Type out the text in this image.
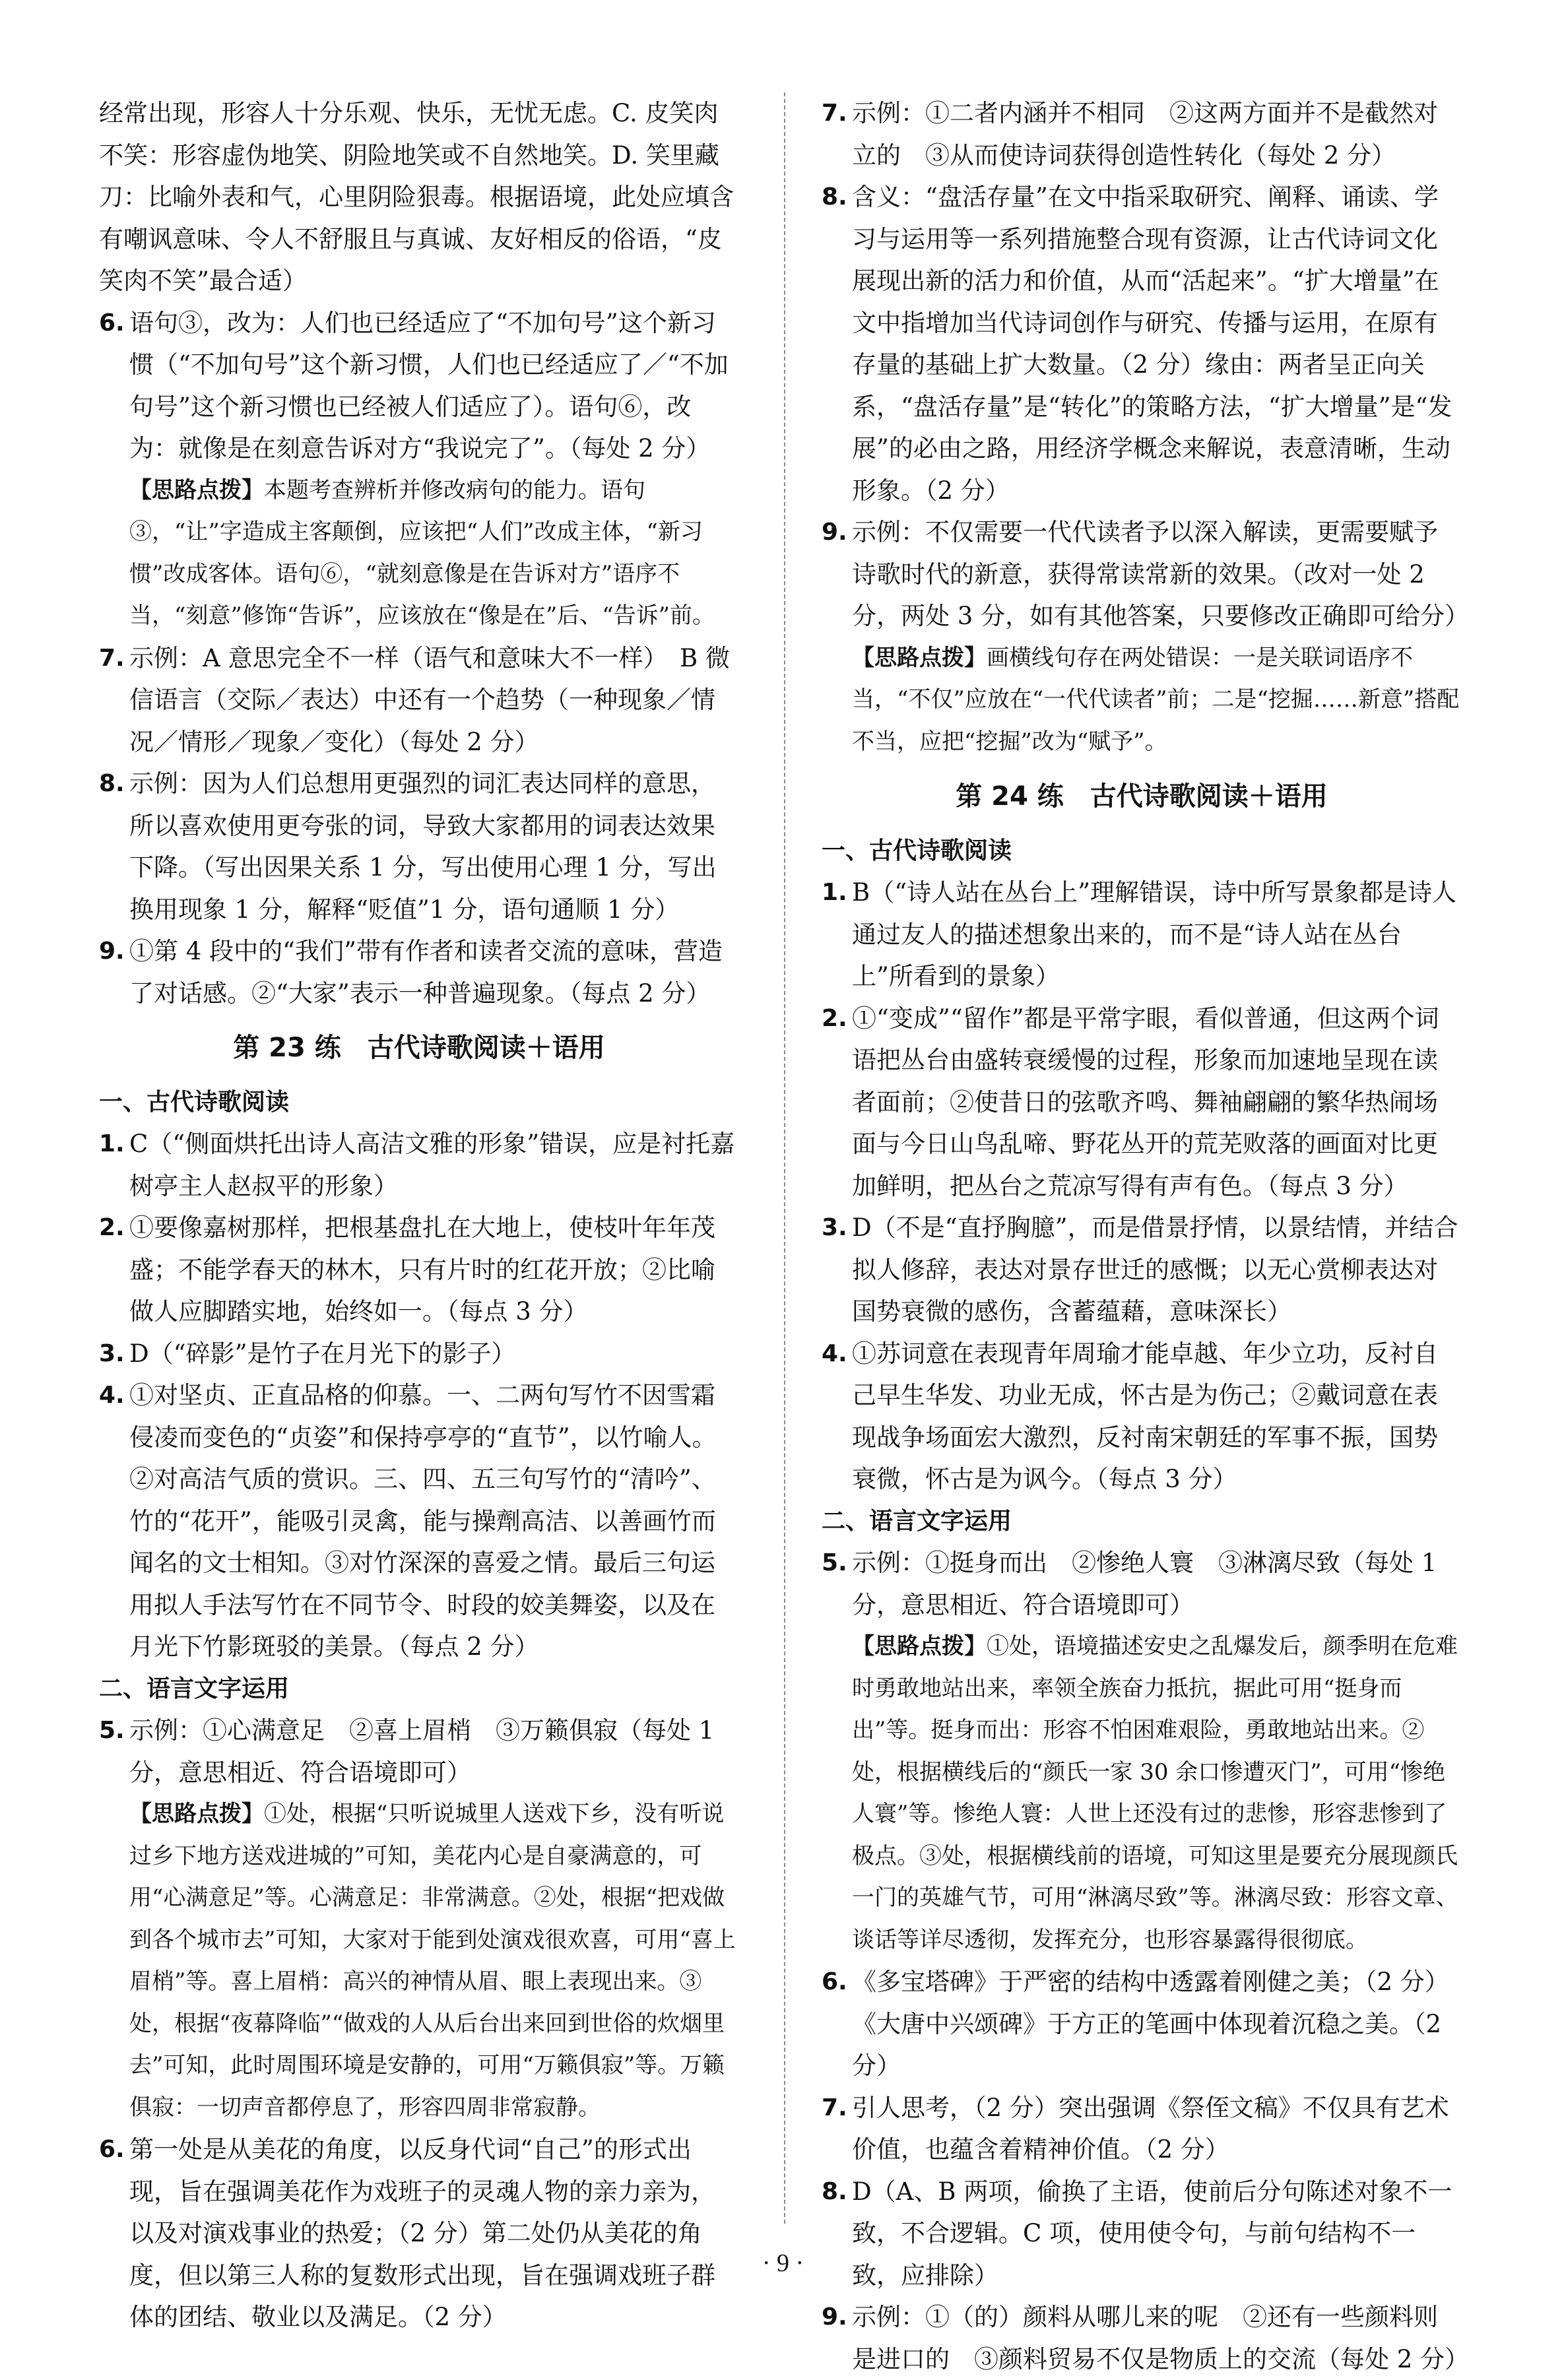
经常出现，形容人十分乐观、快乐，无忧无虑。C. 皮笑肉不笑：形容虚伪地笑、阴险地笑或不自然地笑。D. 笑里藏刀：比喻外表和气，心里阴险狠毒。根据语境，此处应填含有嘲讽意味、令人不舒服且与真诚、友好相反的俗语，“皮笑肉不笑”最合适）
6. 语句③，改为：人们也已经适应了“不加句号”这个新习惯（“不加句号”这个新习惯，人们也已经适应了／“不加句号”这个新习惯也已经被人们适应了）。语句⑥，改为：就像是在刻意告诉对方“我说完了”。（每处 2 分）
【思路点拨】本题考查辨析并修改病句的能力。语句③，“让”字造成主客颠倒，应该把“人们”改成主体，“新习惯”改成客体。语句⑥，“就刻意像是在告诉对方”语序不当，“刻意”修饰“告诉”，应该放在“像是在”后、“告诉”前。
7. 示例：A 意思完全不一样（语气和意味大不一样）　B 微信语言（交际／表达）中还有一个趋势（一种现象／情况／情形／现象／变化）（每处 2 分）
8. 示例：因为人们总想用更强烈的词汇表达同样的意思，所以喜欢使用更夸张的词，导致大家都用的词表达效果下降。（写出因果关系 1 分，写出使用心理 1 分，写出换用现象 1 分，解释“贬值”1 分，语句通顺 1 分）
9. ①第 4 段中的“我们”带有作者和读者交流的意味，营造了对话感。②“大家”表示一种普遍现象。（每点 2 分）
第 23 练　古代诗歌阅读＋语用
一、古代诗歌阅读
1. C（“侧面烘托出诗人高洁文雅的形象”错误，应是衬托嘉树亭主人赵叔平的形象）
2. ①要像嘉树那样，把根基盘扎在大地上，使枝叶年年茂盛；不能学春天的林木，只有片时的红花开放；②比喻做人应脚踏实地，始终如一。（每点 3 分）
3. D（“碎影”是竹子在月光下的影子）
4. ①对坚贞、正直品格的仰慕。一、二两句写竹不因雪霜侵凌而变色的“贞姿”和保持亭亭的“直节”，以竹喻人。②对高洁气质的赏识。三、四、五三句写竹的“清吟”、竹的“花开”，能吸引灵禽，能与操劑高洁、以善画竹而闻名的文士相知。③对竹深深的喜爱之情。最后三句运用拟人手法写竹在不同节令、时段的姣美舞姿，以及在月光下竹影斑驳的美景。（每点 2 分）
二、语言文字运用
5. 示例：①心满意足　②喜上眉梢　③万籁俱寂（每处 1 分，意思相近、符合语境即可）
【思路点拨】①处，根据“只听说城里人送戏下乡，没有听说过乡下地方送戏进城的”可知，美花内心是自豪满意的，可用“心满意足”等。心满意足：非常满意。②处，根据“把戏做到各个城市去”可知，大家对于能到处演戏很欢喜，可用“喜上眉梢”等。喜上眉梢：高兴的神情从眉、眼上表现出来。③处，根据“夜幕降临”“做戏的人从后台出来回到世俗的炊烟里去”可知，此时周围环境是安静的，可用“万籁俱寂”等。万籁俱寂：一切声音都停息了，形容四周非常寂静。
6. 第一处是从美花的角度，以反身代词“自己”的形式出现，旨在强调美花作为戏班子的灵魂人物的亲力亲为，以及对演戏事业的热爱；（2 分）第二处仍从美花的角度，但以第三人称的复数形式出现，旨在强调戏班子群体的团结、敬业以及满足。（2 分）
7. 示例：①二者内涵并不相同　②这两方面并不是截然对立的　③从而使诗词获得创造性转化（每处 2 分）
8. 含义：“盘活存量”在文中指采取研究、阐释、诵读、学习与运用等一系列措施整合现有资源，让古代诗词文化展现出新的活力和价值，从而“活起来”。“扩大增量”在文中指增加当代诗词创作与研究、传播与运用，在原有存量的基础上扩大数量。（2 分）缘由：两者呈正向关系，“盘活存量”是“转化”的策略方法，“扩大增量”是“发展”的必由之路，用经济学概念来解说，表意清晰，生动形象。（2 分）
9. 示例：不仅需要一代代读者予以深入解读，更需要赋予诗歌时代的新意，获得常读常新的效果。（改对一处 2 分，两处 3 分，如有其他答案，只要修改正确即可给分）
【思路点拨】画横线句存在两处错误：一是关联词语序不当，“不仅”应放在“一代代读者”前；二是“挖掘……新意”搭配不当，应把“挖掘”改为“赋予”。
第 24 练　古代诗歌阅读＋语用
一、古代诗歌阅读
1. B（“诗人站在丛台上”理解错误，诗中所写景象都是诗人通过友人的描述想象出来的，而不是“诗人站在丛台上”所看到的景象）
2. ①“变成”“留作”都是平常字眼，看似普通，但这两个词语把丛台由盛转衰缓慢的过程，形象而加速地呈现在读者面前；②使昔日的弦歌齐鸣、舞袖翩翩的繁华热闹场面与今日山鸟乱啼、野花丛开的荒芜败落的画面对比更加鲜明，把丛台之荒凉写得有声有色。（每点 3 分）
3. D（不是“直抒胸臆”，而是借景抒情，以景结情，并结合拟人修辞，表达对景存世迁的感慨；以无心赏柳表达对国势衰微的感伤，含蓄蕴藉，意味深长）
4. ①苏词意在表现青年周瑜才能卓越、年少立功，反衬自己早生华发、功业无成，怀古是为伤己；②戴词意在表现战争场面宏大激烈，反衬南宋朝廷的军事不振，国势衰微，怀古是为讽今。（每点 3 分）
二、语言文字运用
5. 示例：①挺身而出　②惨绝人寰　③淋漓尽致（每处 1 分，意思相近、符合语境即可）
【思路点拨】①处，语境描述安史之乱爆发后，颜季明在危难时勇敢地站出来，率领全族奋力抵抗，据此可用“挺身而出”等。挺身而出：形容不怕困难艰险，勇敢地站出来。②处，根据横线后的“颜氏一家 30 余口惨遭灭门”，可用“惨绝人寰”等。惨绝人寰：人世上还没有过的悲惨，形容悲惨到了极点。③处，根据横线前的语境，可知这里是要充分展现颜氏一门的英雄气节，可用“淋漓尽致”等。淋漓尽致：形容文章、谈话等详尽透彻，发挥充分，也形容暴露得很彻底。
6. 《多宝塔碑》于严密的结构中透露着刚健之美；（2 分）《大唐中兴颂碑》于方正的笔画中体现着沉稳之美。（2 分）
7. 引人思考，（2 分）突出强调《祭侄文稿》不仅具有艺术价值，也蕴含着精神价值。（2 分）
8. D（A、B 两项，偷换了主语，使前后分句陈述对象不一致，不合逻辑。C 项，使用使令句，与前句结构不一致，应排除）
9. 示例：①（的）颜料从哪儿来的呢　②还有一些颜料则是进口的　③颜料贸易不仅是物质上的交流（每处 2 分）
· 9 ·
